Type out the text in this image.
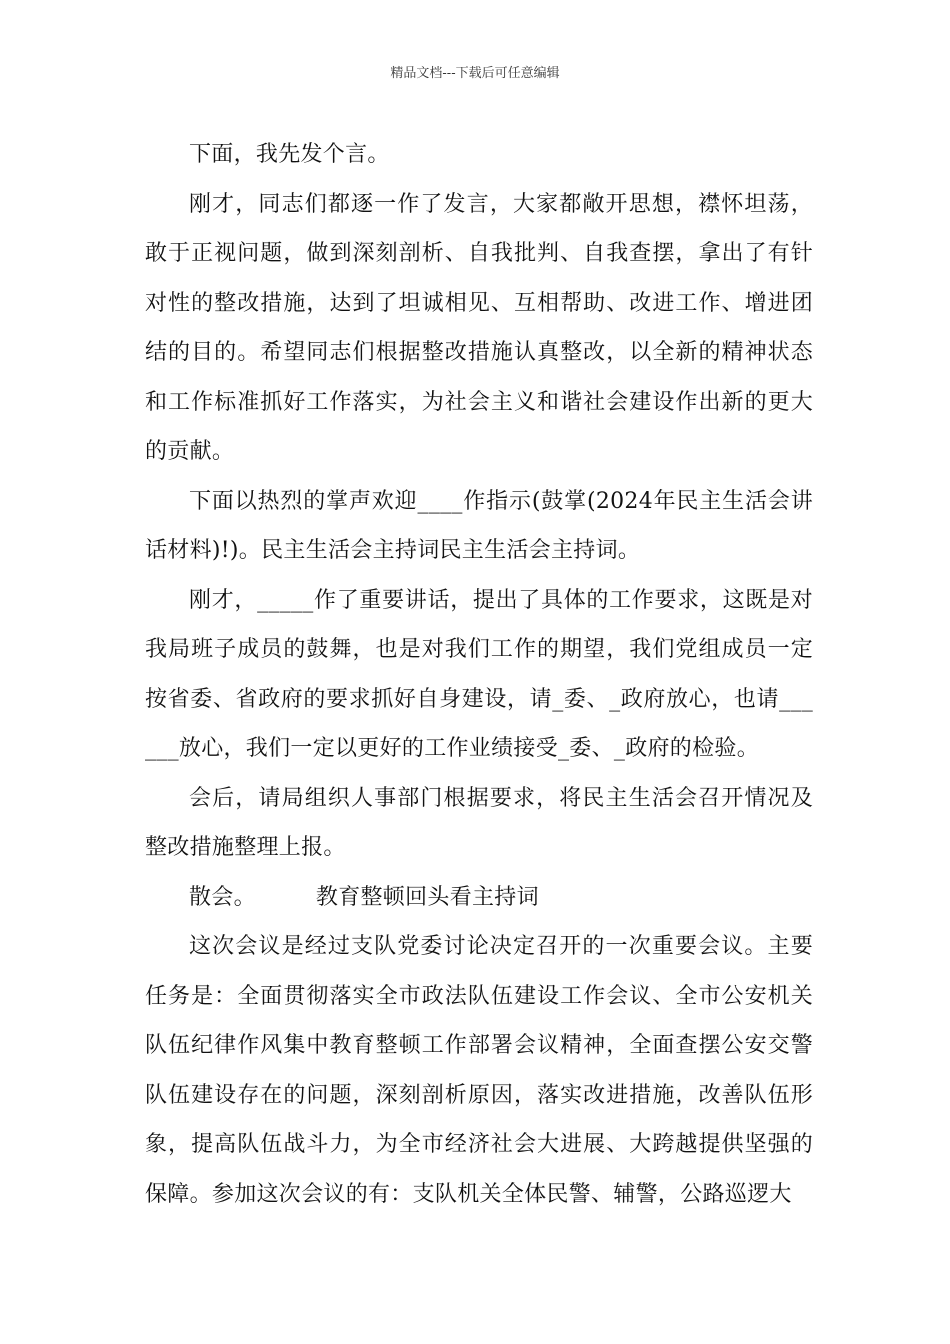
精品文档---下载后可任意编辑

下面，我先发个言。

刚才，同志们都逐一作了发言，大家都敞开思想，襟怀坦荡，敢于正视问题，做到深刻剖析、自我批判、自我查摆，拿出了有针对性的整改措施，达到了坦诚相见、互相帮助、改进工作、增进团结的目的。希望同志们根据整改措施认真整改，以全新的精神状态和工作标准抓好工作落实，为社会主义和谐社会建设作出新的更大的贡献。

下面以热烈的掌声欢迎____作指示(鼓掌(2024年民主生活会讲话材料)!)。民主生活会主持词民主生活会主持词。

刚才，_____作了重要讲话，提出了具体的工作要求，这既是对我局班子成员的鼓舞，也是对我们工作的期望，我们党组成员一定按省委、省政府的要求抓好自身建设，请_委、_政府放心，也请______放心，我们一定以更好的工作业绩接受_委、_政府的检验。

会后，请局组织人事部门根据要求，将民主生活会召开情况及整改措施整理上报。

散会。	教育整顿回头看主持词

这次会议是经过支队党委讨论决定召开的一次重要会议。主要任务是：全面贯彻落实全市政法队伍建设工作会议、全市公安机关队伍纪律作风集中教育整顿工作部署会议精神，全面查摆公安交警队伍建设存在的问题，深刻剖析原因，落实改进措施，改善队伍形象，提高队伍战斗力，为全市经济社会大进展、大跨越提供坚强的保障。参加这次会议的有：支队机关全体民警、辅警，公路巡逻大
